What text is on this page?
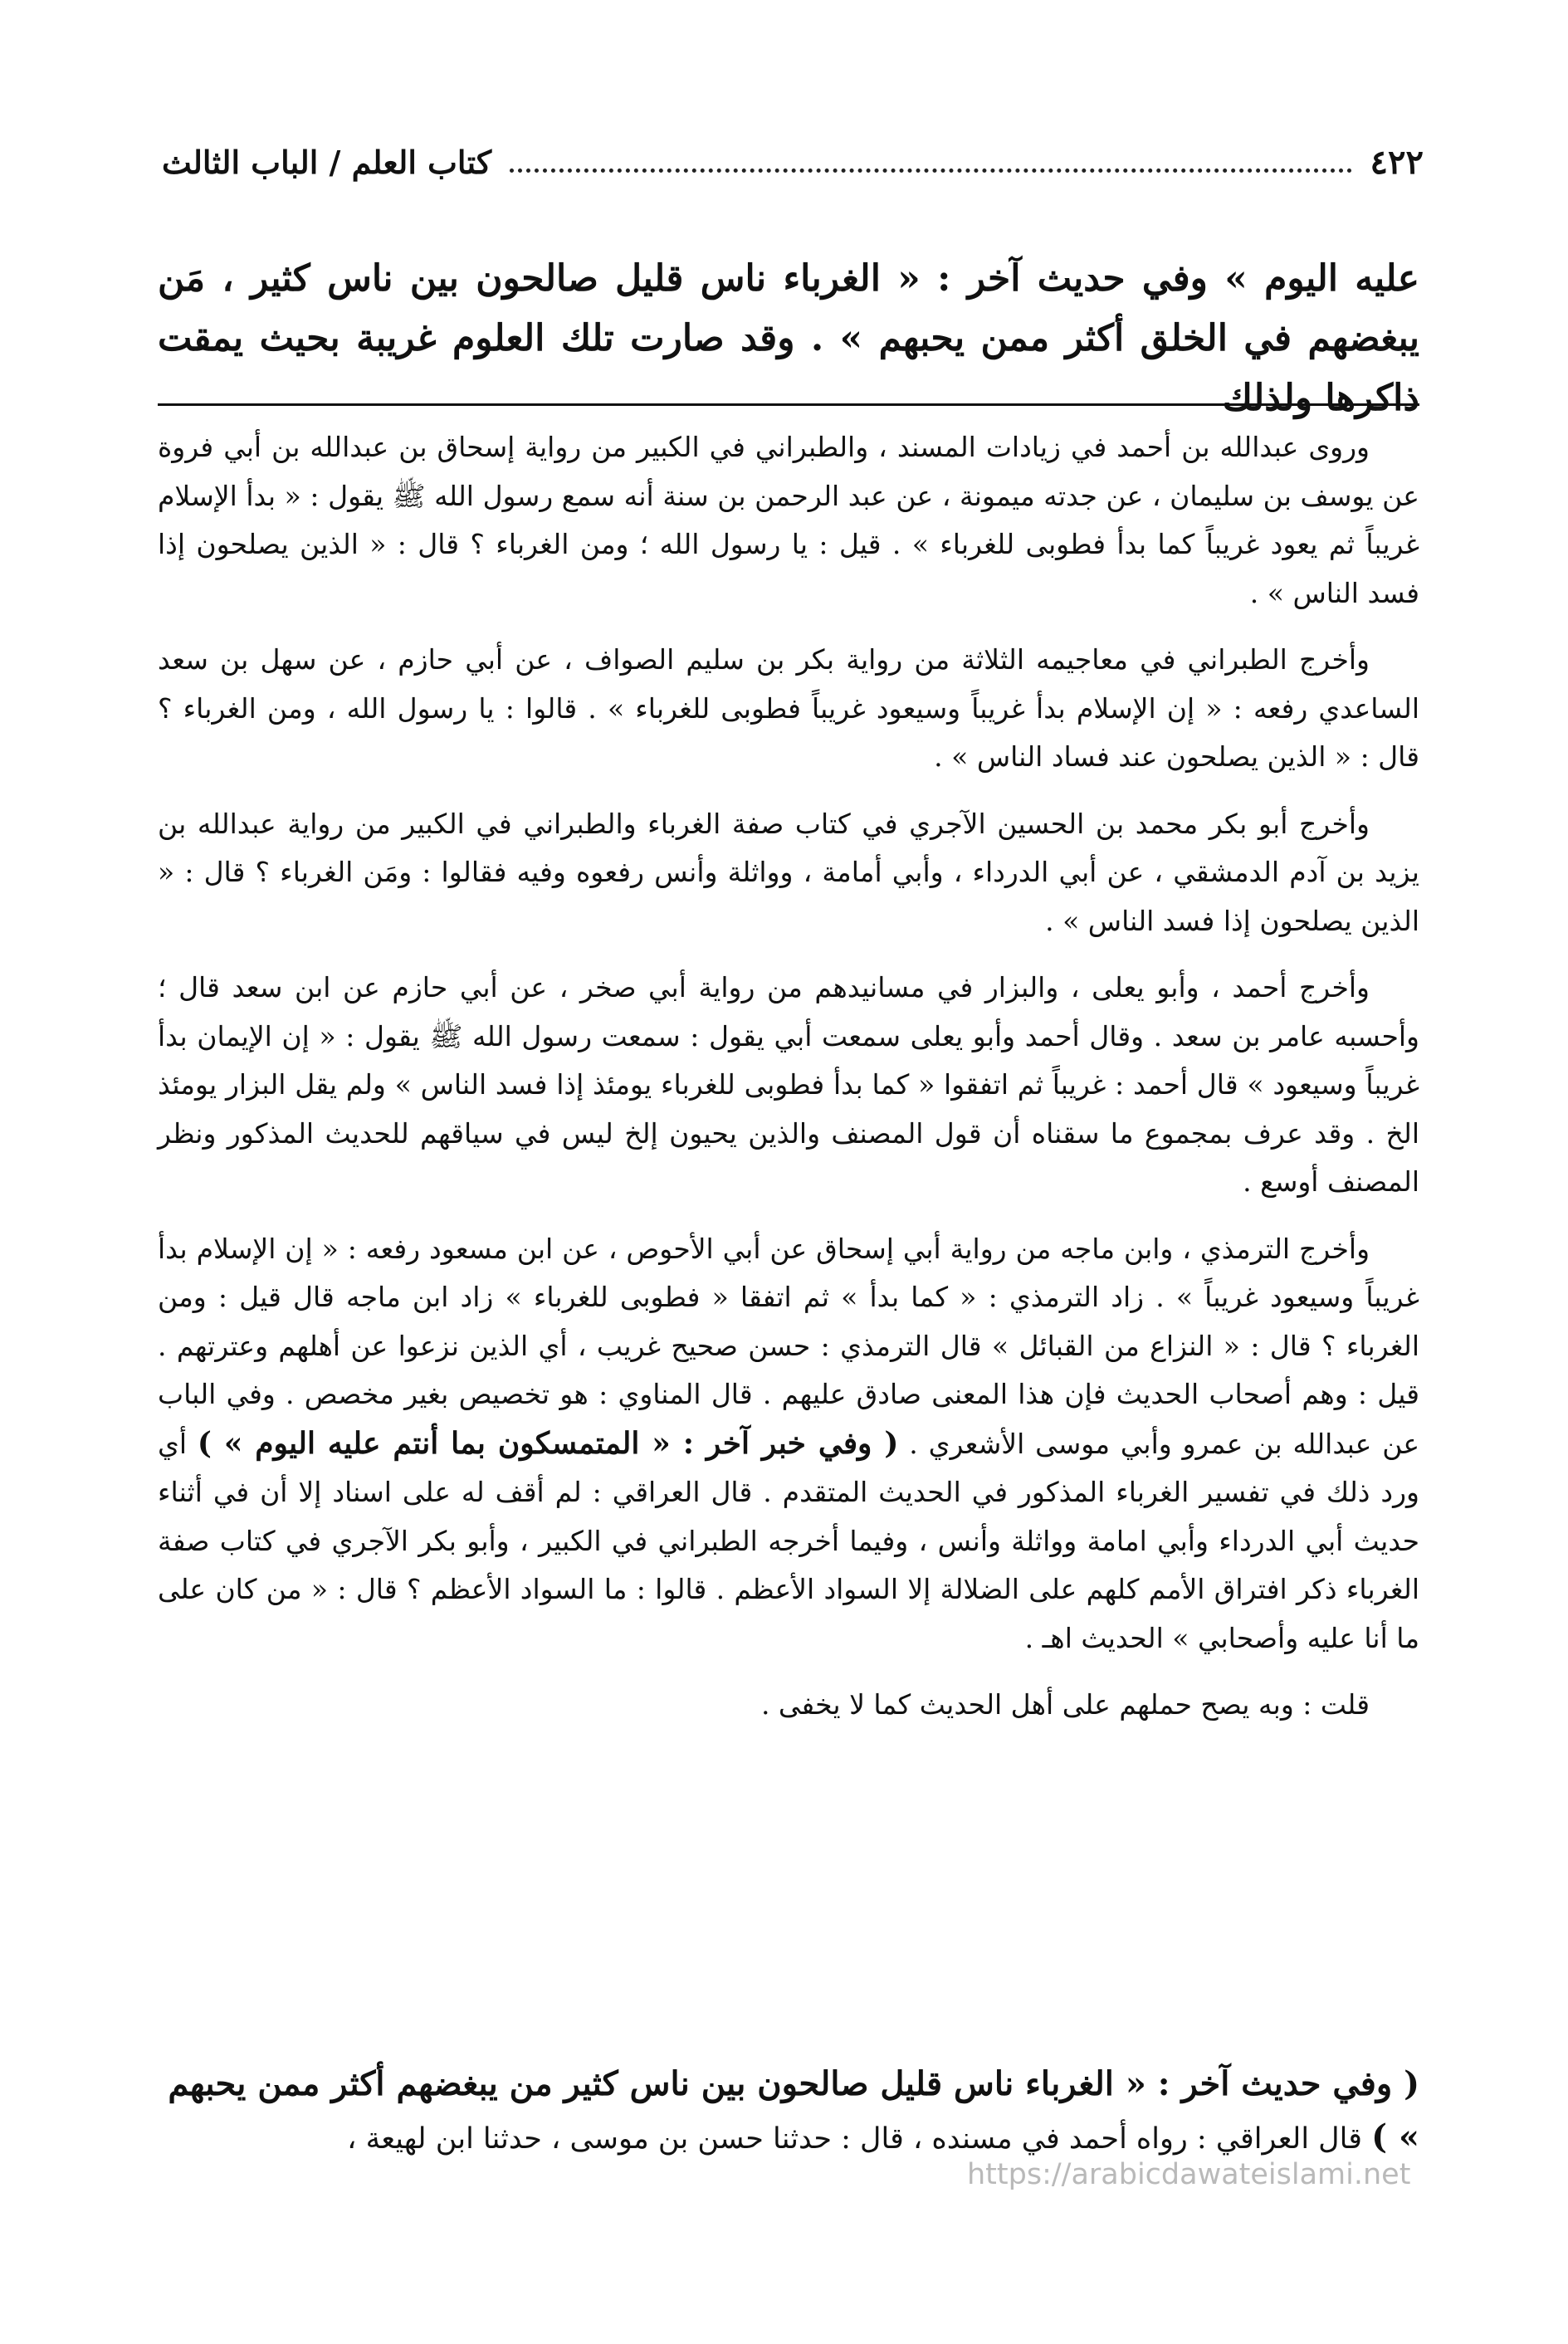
٤٢٢
كتاب العلم / الباب الثالث
عليه اليوم » وفي حديث آخر : « الغرباء ناس قليل صالحون بين ناس كثير ، مَن يبغضهم في الخلق أكثر ممن يحبهم » . وقد صارت تلك العلوم غريبة بحيث يمقت ذاكرها ولذلك

وروى عبدالله بن أحمد في زيادات المسند ، والطبراني في الكبير من رواية إسحاق بن عبدالله بن أبي فروة عن يوسف بن سليمان ، عن جدته ميمونة ، عن عبد الرحمن بن سنة أنه سمع رسول الله ﷺ يقول : « بدأ الإسلام غريباً ثم يعود غريباً كما بدأ فطوبى للغرباء » . قيل : يا رسول الله ؛ ومن الغرباء ؟ قال : « الذين يصلحون إذا فسد الناس » .

وأخرج الطبراني في معاجيمه الثلاثة من رواية بكر بن سليم الصواف ، عن أبي حازم ، عن سهل بن سعد الساعدي رفعه : « إن الإسلام بدأ غريباً وسيعود غريباً فطوبى للغرباء » . قالوا : يا رسول الله ، ومن الغرباء ؟ قال : « الذين يصلحون عند فساد الناس » .

وأخرج أبو بكر محمد بن الحسين الآجري في كتاب صفة الغرباء والطبراني في الكبير من رواية عبدالله بن يزيد بن آدم الدمشقي ، عن أبي الدرداء ، وأبي أمامة ، وواثلة وأنس رفعوه وفيه فقالوا : ومَن الغرباء ؟ قال : « الذين يصلحون إذا فسد الناس » .

وأخرج أحمد ، وأبو يعلى ، والبزار في مسانيدهم من رواية أبي صخر ، عن أبي حازم عن ابن سعد قال ؛ وأحسبه عامر بن سعد . وقال أحمد وأبو يعلى سمعت أبي يقول : سمعت رسول الله ﷺ يقول : « إن الإيمان بدأ غريباً وسيعود » قال أحمد : غريباً ثم اتفقوا « كما بدأ فطوبى للغرباء يومئذ إذا فسد الناس » ولم يقل البزار يومئذ الخ . وقد عرف بمجموع ما سقناه أن قول المصنف والذين يحيون إلخ ليس في سياقهم للحديث المذكور ونظر المصنف أوسع .

وأخرج الترمذي ، وابن ماجه من رواية أبي إسحاق عن أبي الأحوص ، عن ابن مسعود رفعه : « إن الإسلام بدأ غريباً وسيعود غريباً » . زاد الترمذي : « كما بدأ » ثم اتفقا « فطوبى للغرباء » زاد ابن ماجه قال قيل : ومن الغرباء ؟ قال : « النزاع من القبائل » قال الترمذي : حسن صحيح غريب ، أي الذين نزعوا عن أهلهم وعترتهم . قيل : وهم أصحاب الحديث فإن هذا المعنى صادق عليهم . قال المناوي : هو تخصيص بغير مخصص . وفي الباب عن عبدالله بن عمرو وأبي موسى الأشعري . ( وفي خبر آخر : « المتمسكون بما أنتم عليه اليوم » ) أي ورد ذلك في تفسير الغرباء المذكور في الحديث المتقدم . قال العراقي : لم أقف له على اسناد إلا أن في أثناء حديث أبي الدرداء وأبي امامة وواثلة وأنس ، وفيما أخرجه الطبراني في الكبير ، وأبو بكر الآجري في كتاب صفة الغرباء ذكر افتراق الأمم كلهم على الضلالة إلا السواد الأعظم . قالوا : ما السواد الأعظم ؟ قال : « من كان على ما أنا عليه وأصحابي » الحديث اهـ .

قلت : وبه يصح حملهم على أهل الحديث كما لا يخفى .

( وفي حديث آخر : « الغرباء ناس قليل صالحون بين ناس كثير من يبغضهم أكثر ممن يحبهم » ) قال العراقي : رواه أحمد في مسنده ، قال : حدثنا حسن بن موسى ، حدثنا ابن لهيعة ،
https://arabicdawateislami.net
